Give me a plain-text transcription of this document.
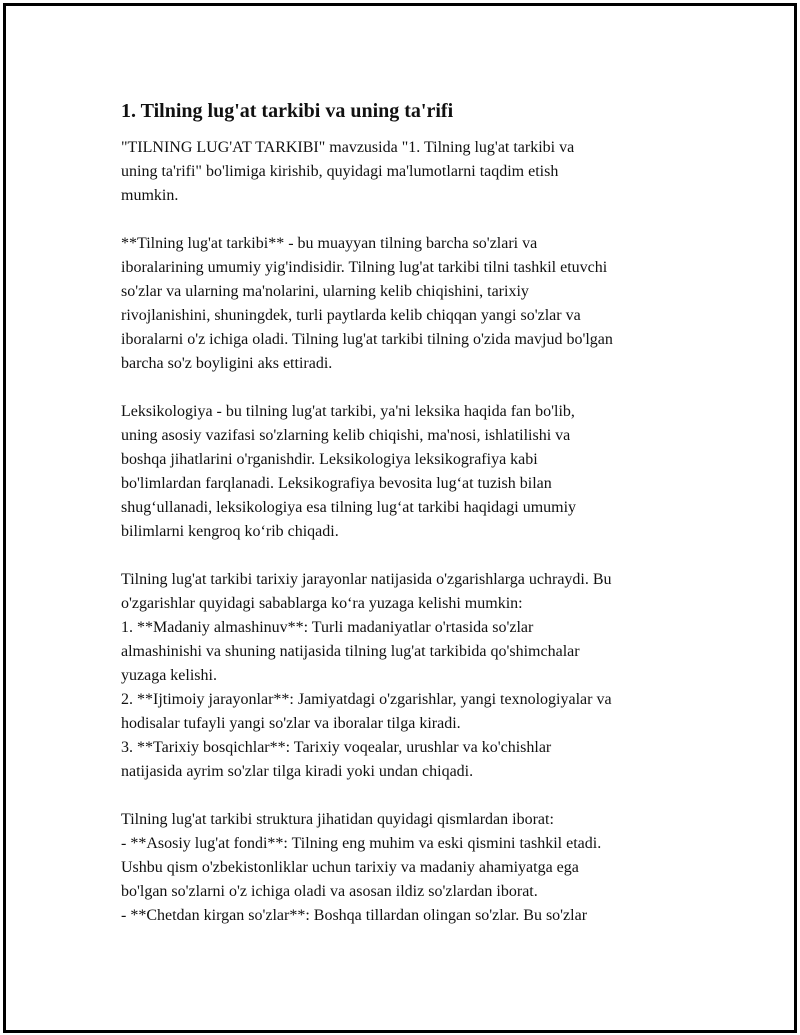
1. Tilning lug'at tarkibi va uning ta'rifi
"TILNING LUG'AT TARKIBI" mavzusida "1. Tilning lug'at tarkibi va
uning ta'rifi" bo'limiga kirishib, quyidagi ma'lumotlarni taqdim etish
mumkin.
**Tilning lug'at tarkibi** - bu muayyan tilning barcha so'zlari va
iboralarining umumiy yig'indisidir. Tilning lug'at tarkibi tilni tashkil etuvchi
so'zlar va ularning ma'nolarini, ularning kelib chiqishini, tarixiy
rivojlanishini, shuningdek, turli paytlarda kelib chiqqan yangi so'zlar va
iboralarni o'z ichiga oladi. Tilning lug'at tarkibi tilning o'zida mavjud bo'lgan
barcha so'z boyligini aks ettiradi.
Leksikologiya - bu tilning lug'at tarkibi, ya'ni leksika haqida fan bo'lib,
uning asosiy vazifasi so'zlarning kelib chiqishi, ma'nosi, ishlatilishi va
boshqa jihatlarini o'rganishdir. Leksikologiya leksikografiya kabi
bo'limlardan farqlanadi. Leksikografiya bevosita lug‘at tuzish bilan
shug‘ullanadi, leksikologiya esa tilning lug‘at tarkibi haqidagi umumiy
bilimlarni kengroq ko‘rib chiqadi.
Tilning lug'at tarkibi tarixiy jarayonlar natijasida o'zgarishlarga uchraydi. Bu
o'zgarishlar quyidagi sabablarga ko‘ra yuzaga kelishi mumkin:
1. **Madaniy almashinuv**: Turli madaniyatlar o'rtasida so'zlar
almashinishi va shuning natijasida tilning lug'at tarkibida qo'shimchalar
yuzaga kelishi.
2. **Ijtimoiy jarayonlar**: Jamiyatdagi o'zgarishlar, yangi texnologiyalar va
hodisalar tufayli yangi so'zlar va iboralar tilga kiradi.
3. **Tarixiy bosqichlar**: Tarixiy voqealar, urushlar va ko'chishlar
natijasida ayrim so'zlar tilga kiradi yoki undan chiqadi.
Tilning lug'at tarkibi struktura jihatidan quyidagi qismlardan iborat:
- **Asosiy lug'at fondi**: Tilning eng muhim va eski qismini tashkil etadi.
Ushbu qism o'zbekistonliklar uchun tarixiy va madaniy ahamiyatga ega
bo'lgan so'zlarni o'z ichiga oladi va asosan ildiz so'zlardan iborat.
- **Chetdan kirgan so'zlar**: Boshqa tillardan olingan so'zlar. Bu so'zlar
